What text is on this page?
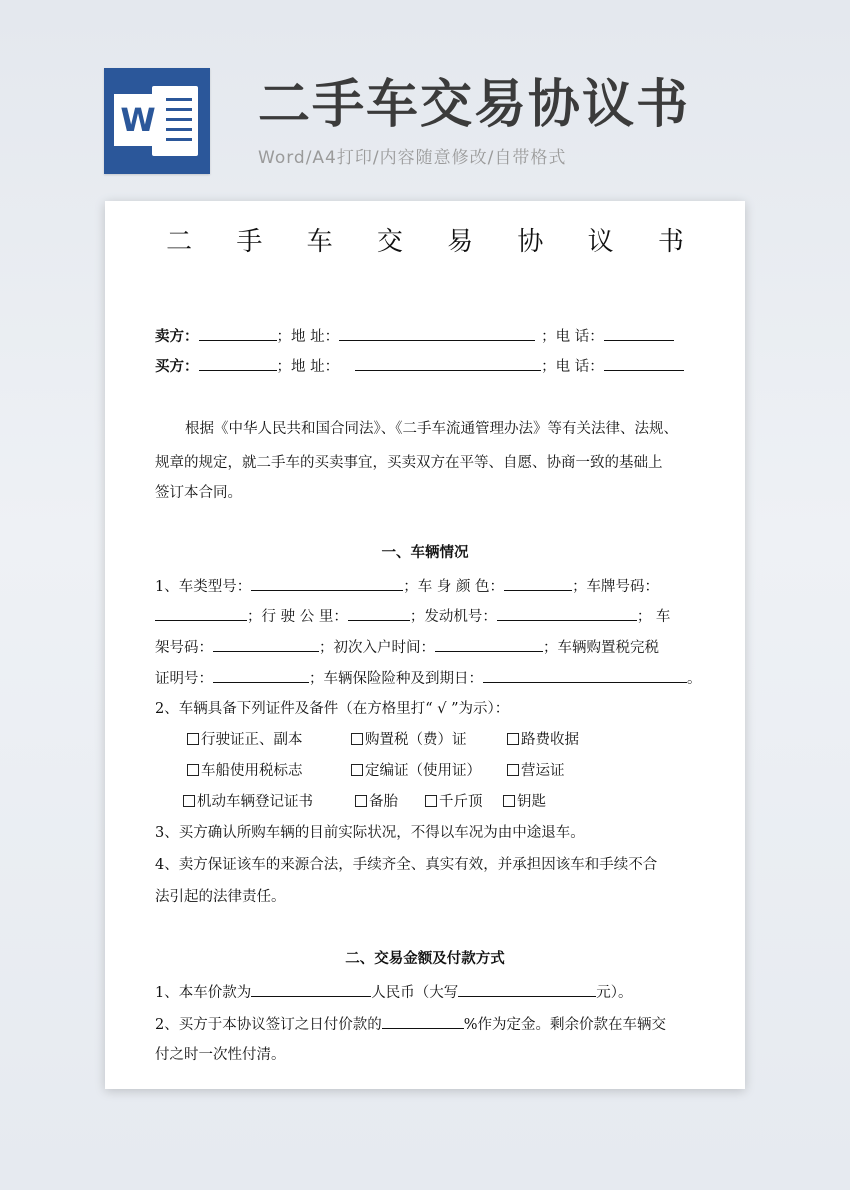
W 二手车交易协议书
Word/A4打印/内容随意修改/自带格式
二 手 车 交 易 协 议 书
卖方：	；地 址：	；电 话：
买方：	；地 址：	；电 话：
根据《中华人民共和国合同法》、《二手车流通管理办法》等有关法律、法规、
规章的规定，就二手车的买卖事宜，买卖双方在平等、自愿、协商一致的基础上
签订本合同。
一、车辆情况
1、车类型号：	；车 身 颜 色：	；车牌号码：
；行 驶 公 里：	；发动机号：	； 车
架号码：	；初次入户时间：	；车辆购置税完税
证明号：	；车辆保险险种及到期日：	。
2、车辆具备下列证件及备件（在方格里打“ √ ”为示）：
行驶证正、副本	购置税（费）证	路费收据
车船使用税标志	定编证（使用证）	营运证
机动车辆登记证书	备胎	千斤顶	钥匙
3、买方确认所购车辆的目前实际状况，不得以车况为由中途退车。
4、卖方保证该车的来源合法，手续齐全、真实有效，并承担因该车和手续不合
法引起的法律责任。
二、交易金额及付款方式
1、本车价款为	人民币（大写	元）。
2、买方于本协议签订之日付价款的	%作为定金。剩余价款在车辆交
付之时一次性付清。
